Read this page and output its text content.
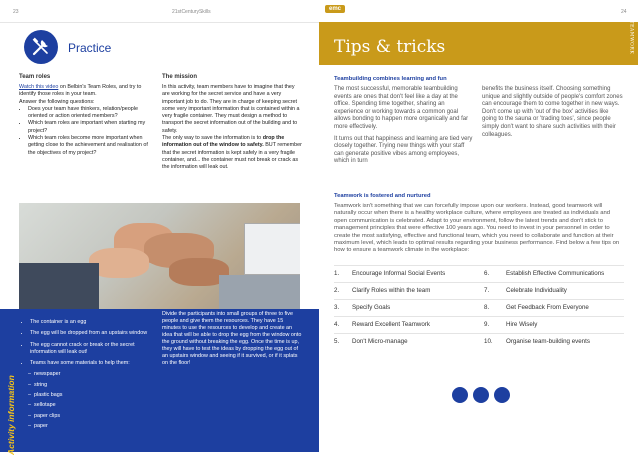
23	21stCenturySkills
Practice
Team roles
Watch this video on Belbin's Team Roles, and try to identify those roles in your team.
Answer the following questions:
• Does your team have thinkers, relation/people oriented or action oriented members?
• Which team roles are important when starting my project?
• Which team roles become more important when getting close to the achievement and realisation of the objectives of my project?
The mission
In this activity, team members have to imagine that they are working for the secret service and have a very important job to do. They are in charge of keeping secret some very important information that is contained within a very fragile container. They must design a method to transport the secret information out of the building and to safety.
The only way to save the information is to drop the information out of the window to safety. BUT remember that the secret information is kept safely in a very fragile container, and... the container must not break or crack as the information will leak out.
Activity information
• The container is an egg
• The egg will be dropped from an upstairs window
• The egg cannot crack or break or the secret information will leak out!
• Teams have some materials to help them:
–  newspaper
–  string
–  plastic bags
–  sellotape
–  paper clips
–  paper
Divide the participants into small groups of three to five people and give them the resources. They have 15 minutes to use the resources to develop and create an idea that will be able to drop the egg from the window onto the ground without breaking the egg. Once the time is up, they will have to test the ideas by dropping the egg out of an upstairs window and seeing if it survived, or if it splats on the floor!
emc	24
Tips & tricks	TEAMWORK
Teambuilding combines learning and fun

The most successful, memorable teambuilding events are ones that don't feel like a day at the office. Spending time together, sharing an experience or working towards a common goal allows bonding to happen more organically and far more effectively.

It turns out that happiness and learning are tied very closely together. Trying new things with your staff can generate positive vibes among employees, which in turn

benefits the business itself. Choosing something unique and slightly outside of people's comfort zones can encourage them to come together in new ways. Don't come up with 'out of the box' activities like going to the sauna or 'trading toes', since people simply don't want to share such activities with their colleagues.

Teamwork is fostered and nurtured
Teamwork isn't something that we can forcefully impose upon our workers. Instead, good teamwork will naturally occur when there is a healthy workplace culture, where employees are treated as individuals and open communication is celebrated. Adapt to your environment, follow the latest trends and don't stick to management principles that were effective 100 years ago. You need to invest in your personnel in order to create the most satisfying, effective and functional team, which you need to collaborate and function at their maximum level, which leads to optimal results regarding your business performance. Find below a few tips on how to ensure a teamwork climate in the workplace:
1. Encourage Informal Social Events	6.	Establish Effective Communications
2. Clarify Roles within the team	7.	Celebrate Individuality
3. Specify Goals	8.	Get Feedback From Everyone
4. Reward Excellent Teamwork	9.	Hire Wisely
5. Don't Micro-manage	10. Organise team-building events
